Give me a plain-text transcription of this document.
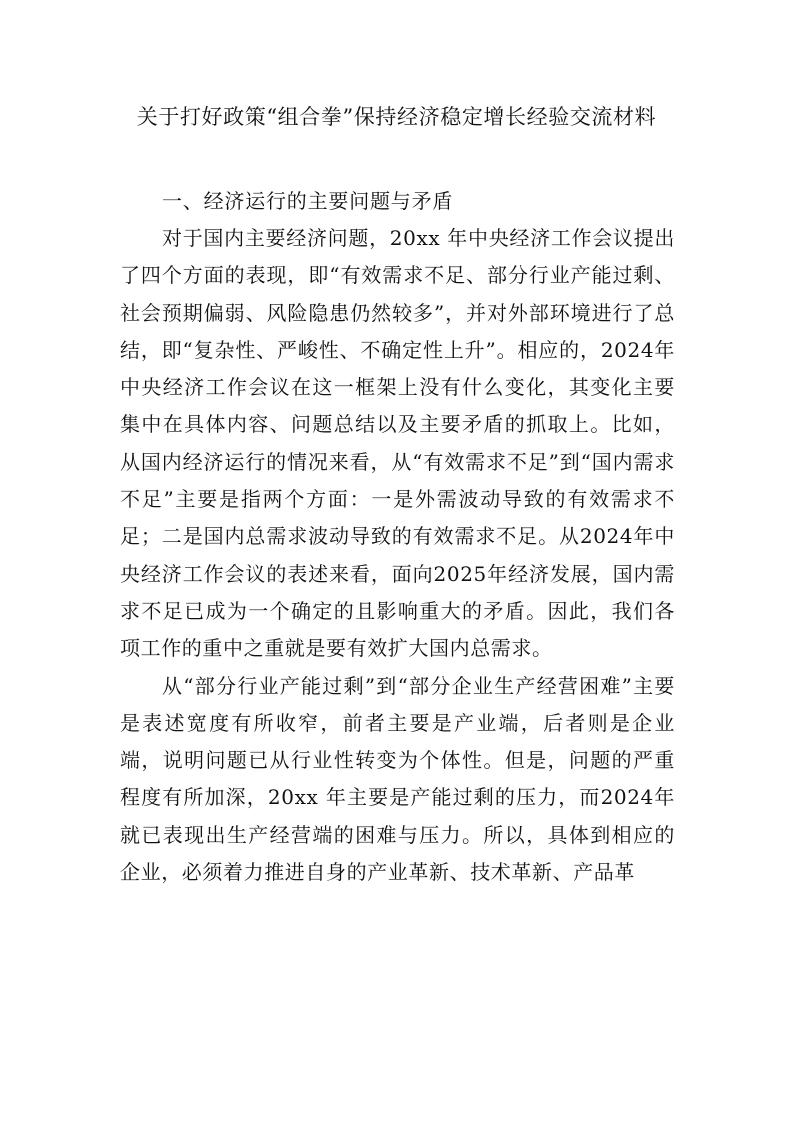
关于打好政策“组合拳”保持经济稳定增长经验交流材料

一、经济运行的主要问题与矛盾

对于国内主要经济问题，20xx 年中央经济工作会议提出了四个方面的表现，即“有效需求不足、部分行业产能过剩、社会预期偏弱、风险隐患仍然较多”，并对外部环境进行了总结，即“复杂性、严峻性、不确定性上升”。相应的，2024年中央经济工作会议在这一框架上没有什么变化，其变化主要集中在具体内容、问题总结以及主要矛盾的抓取上。比如，从国内经济运行的情况来看，从“有效需求不足”到“国内需求不足”主要是指两个方面：一是外需波动导致的有效需求不足；二是国内总需求波动导致的有效需求不足。从2024年中央经济工作会议的表述来看，面向2025年经济发展，国内需求不足已成为一个确定的且影响重大的矛盾。因此，我们各项工作的重中之重就是要有效扩大国内总需求。

从“部分行业产能过剩”到“部分企业生产经营困难”主要是表述宽度有所收窄，前者主要是产业端，后者则是企业端，说明问题已从行业性转变为个体性。但是，问题的严重程度有所加深，20xx 年主要是产能过剩的压力，而2024年就已表现出生产经营端的困难与压力。所以，具体到相应的企业，必须着力推进自身的产业革新、技术革新、产品革
